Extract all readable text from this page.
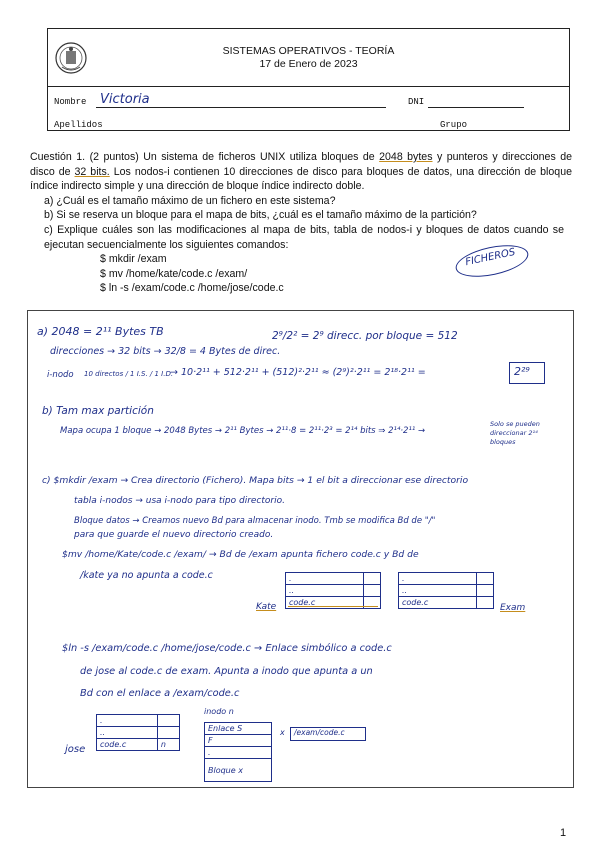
SISTEMAS OPERATIVOS - TEORÍA
17 de Enero de 2023
Nombre Victoria	DNI
Apellidos	Grupo

Cuestión 1. (2 puntos) Un sistema de ficheros UNIX utiliza bloques de 2048 bytes y punteros y direcciones de disco de 32 bits. Los nodos-i contienen 10 direcciones de disco para bloques de datos, una dirección de bloque índice indirecto simple y una dirección de bloque índice indirecto doble.

a) ¿Cuál es el tamaño máximo de un fichero en este sistema?

b) Si se reserva un bloque para el mapa de bits, ¿cuál es el tamaño máximo de la partición?

c) Explique cuáles son las modificaciones al mapa de bits, tabla de nodos-i y bloques de datos cuando se ejecutan secuencialmente los siguientes comandos:

$ mkdir /exam

$ mv /home/kate/code.c /exam/

$ ln -s /exam/code.c /home/jose/code.c

FICHEROS
a) 2048 = 2¹¹ Bytes TB	2⁹/2² = 2⁹ direcc. por bloque = 512
direcciones → 32 bits → 32/8 = 4 Bytes de direc.
i-nodo 10 directos / 1 I.S. / 1 I.D.
→ 10·2¹¹ + 512·2¹¹ + (512)²·2¹¹ ≈ (2⁹)²·2¹¹ = 2¹⁸·2¹¹ =	2²⁹
b) Tam max partición
Mapa ocupa 1 bloque → 2048 Bytes → 2¹¹ Bytes → 2¹¹·8 = 2¹¹·2³ = 2¹⁴ bits ⇒ 2¹⁴·2¹¹ →
Solo se pueden direccionar 2¹⁴ bloques
c) $mkdir /exam → Crea directorio (Fichero). Mapa bits → 1 el bit a direccionar ese directorio
tabla i-nodos → usa i-nodo para tipo directorio.
Bloque datos → Creamos nuevo Bd para almacenar inodo. Tmb se modifica Bd de "/"
para que guarde el nuevo directorio creado.
$mv /home/Kate/code.c /exam/ → Bd de /exam apunta fichero code.c y Bd de
/kate ya no apunta a code.c	.	
..	
code.c	
Kate
.	
..	
code.c	
Exam
$ln -s /exam/code.c /home/jose/code.c → Enlace simbólico a code.c
de jose al code.c de exam. Apunta a inodo que apunta a un
Bd con el enlace a /exam/code.c
.	
..	
code.c	n
jose
inodo n
Enlace S
F
.
Bloque x
x /exam/code.c
1
